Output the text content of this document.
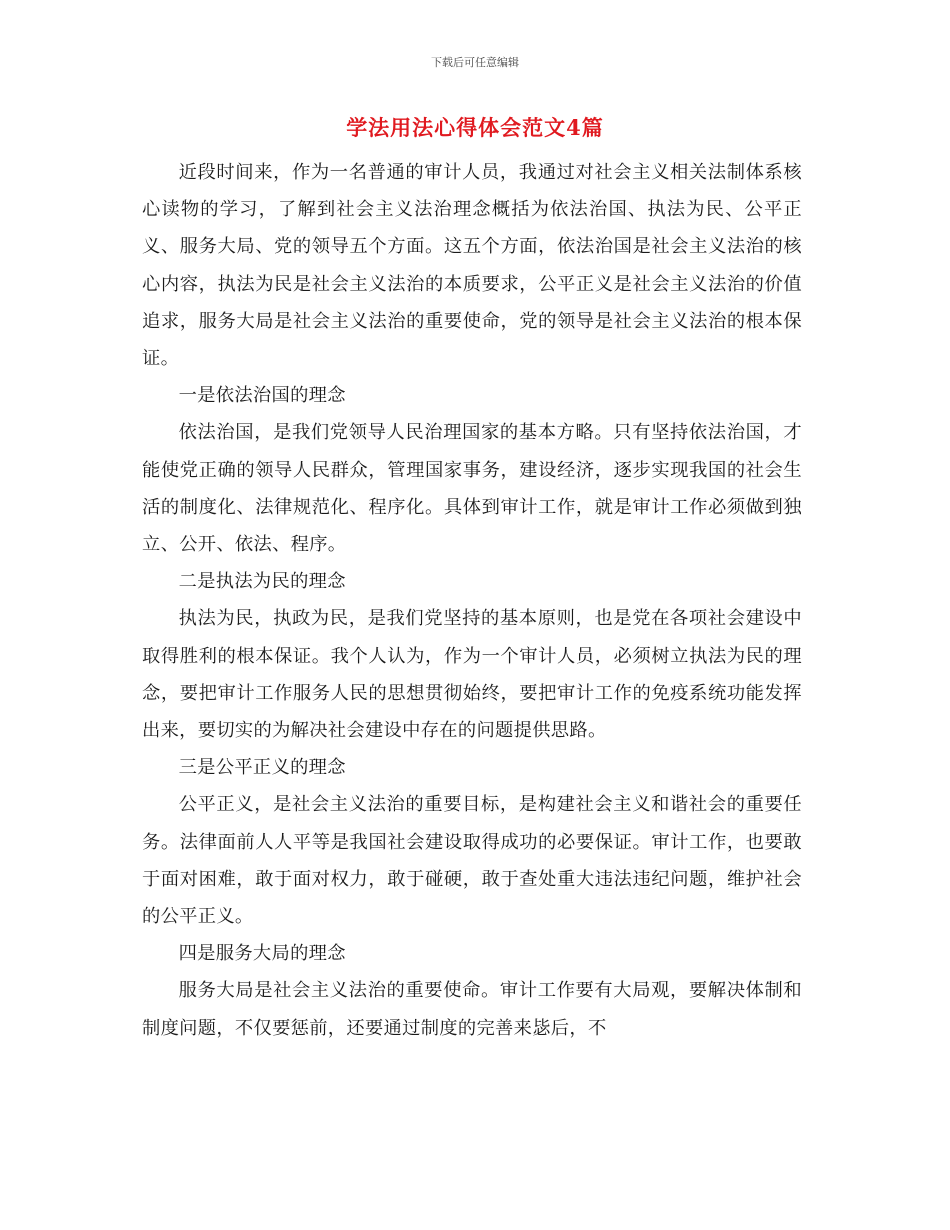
下载后可任意编辑
学法用法心得体会范文4篇

近段时间来，作为一名普通的审计人员，我通过对社会主义相关法制体系核心读物的学习，了解到社会主义法治理念概括为依法治国、执法为民、公平正义、服务大局、党的领导五个方面。这五个方面，依法治国是社会主义法治的核心内容，执法为民是社会主义法治的本质要求，公平正义是社会主义法治的价值追求，服务大局是社会主义法治的重要使命，党的领导是社会主义法治的根本保证。

一是依法治国的理念

依法治国，是我们党领导人民治理国家的基本方略。只有坚持依法治国，才能使党正确的领导人民群众，管理国家事务，建设经济，逐步实现我国的社会生活的制度化、法律规范化、程序化。具体到审计工作，就是审计工作必须做到独立、公开、依法、程序。

二是执法为民的理念

执法为民，执政为民，是我们党坚持的基本原则，也是党在各项社会建设中取得胜利的根本保证。我个人认为，作为一个审计人员，必须树立执法为民的理念，要把审计工作服务人民的思想贯彻始终，要把审计工作的免疫系统功能发挥出来，要切实的为解决社会建设中存在的问题提供思路。

三是公平正义的理念

公平正义，是社会主义法治的重要目标，是构建社会主义和谐社会的重要任务。法律面前人人平等是我国社会建设取得成功的必要保证。审计工作，也要敢于面对困难，敢于面对权力，敢于碰硬，敢于查处重大违法违纪问题，维护社会的公平正义。

四是服务大局的理念

服务大局是社会主义法治的重要使命。审计工作要有大局观，要解决体制和制度问题，不仅要惩前，还要通过制度的完善来毖后，不
